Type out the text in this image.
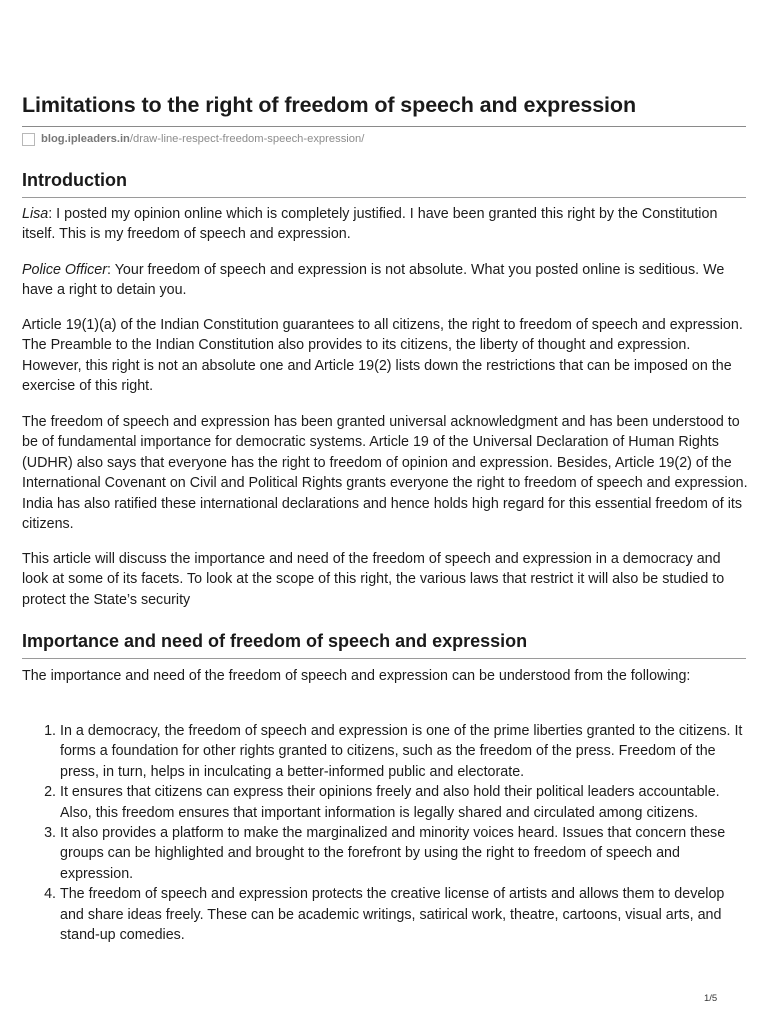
Limitations to the right of freedom of speech and expression
blog.ipleaders.in /draw-line-respect-freedom-speech-expression/
Introduction

Lisa: I posted my opinion online which is completely justified. I have been granted this right by the Constitution itself. This is my freedom of speech and expression.

Police Officer: Your freedom of speech and expression is not absolute. What you posted online is seditious. We have a right to detain you.

Article 19(1)(a) of the Indian Constitution guarantees to all citizens, the right to freedom of speech and expression. The Preamble to the Indian Constitution also provides to its citizens, the liberty of thought and expression. However, this right is not an absolute one and Article 19(2) lists down the restrictions that can be imposed on the exercise of this right.

The freedom of speech and expression has been granted universal acknowledgment and has been understood to be of fundamental importance for democratic systems. Article 19 of the Universal Declaration of Human Rights (UDHR) also says that everyone has the right to freedom of opinion and expression. Besides, Article 19(2) of the International Covenant on Civil and Political Rights grants everyone the right to freedom of speech and expression. India has also ratified these international declarations and hence holds high regard for this essential freedom of its citizens.

This article will discuss the importance and need of the freedom of speech and expression in a democracy and look at some of its facets. To look at the scope of this right, the various laws that restrict it will also be studied to protect the State’s security

Importance and need of freedom of speech and expression

The importance and need of the freedom of speech and expression can be understood from the following:

1. In a democracy, the freedom of speech and expression is one of the prime liberties granted to the citizens. It forms a foundation for other rights granted to citizens, such as the freedom of the press. Freedom of the press, in turn, helps in inculcating a better-informed public and electorate.
2. It ensures that citizens can express their opinions freely and also hold their political leaders accountable. Also, this freedom ensures that important information is legally shared and circulated among citizens.
3. It also provides a platform to make the marginalized and minority voices heard. Issues that concern these groups can be highlighted and brought to the forefront by using the right to freedom of speech and expression.
4. The freedom of speech and expression protects the creative license of artists and allows them to develop and share ideas freely. These can be academic writings, satirical work, theatre, cartoons, visual arts, and stand-up comedies.
1/5
